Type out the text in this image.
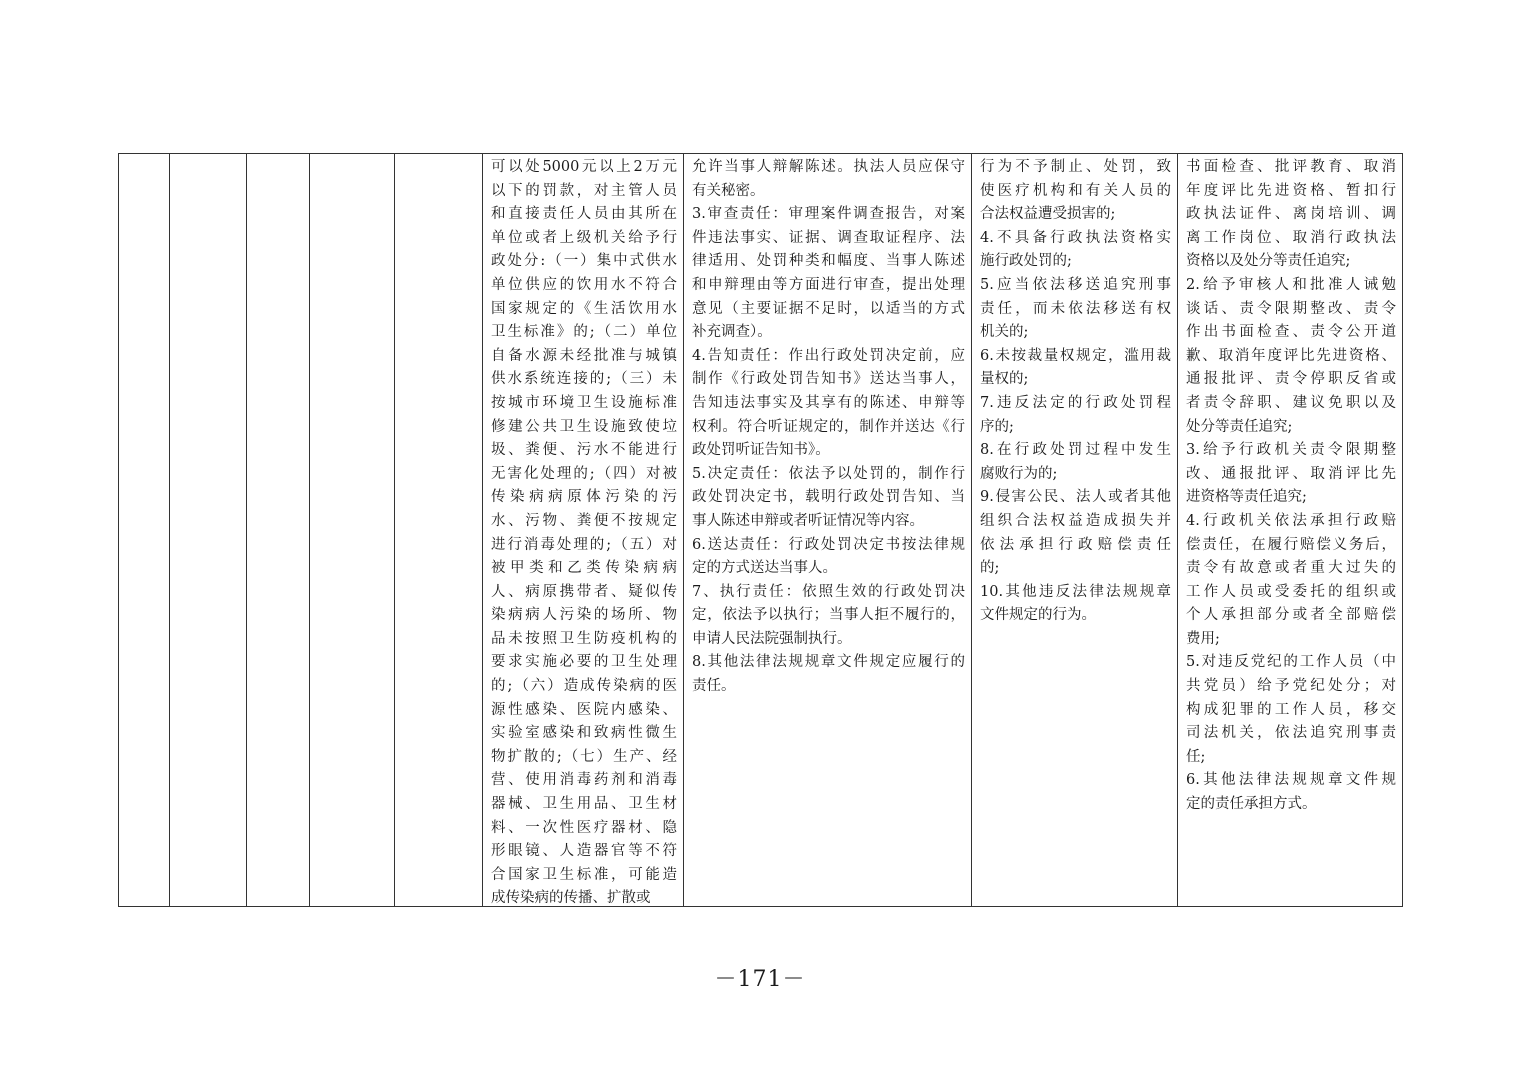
可以处5000元以上2万元
以下的罚款，对主管人员
和直接责任人员由其所在
单位或者上级机关给予行
政处分:（一）集中式供水
单位供应的饮用水不符合
国家规定的《生活饮用水
卫生标准》的;（二）单位
自备水源未经批准与城镇
供水系统连接的;（三）未
按城市环境卫生设施标准
修建公共卫生设施致使垃
圾、粪便、污水不能进行
无害化处理的;（四）对被
传染病病原体污染的污
水、污物、粪便不按规定
进行消毒处理的;（五）对
被甲类和乙类传染病病
人、病原携带者、疑似传
染病病人污染的场所、物
品未按照卫生防疫机构的
要求实施必要的卫生处理
的;（六）造成传染病的医
源性感染、医院内感染、
实验室感染和致病性微生
物扩散的;（七）生产、经
营、使用消毒药剂和消毒
器械、卫生用品、卫生材
料、一次性医疗器材、隐
形眼镜、人造器官等不符
合国家卫生标准，可能造
成传染病的传播、扩散或

允许当事人辩解陈述。执法人员应保守
有关秘密。
3.审查责任：审理案件调查报告，对案
件违法事实、证据、调查取证程序、法
律适用、处罚种类和幅度、当事人陈述
和申辩理由等方面进行审查，提出处理
意见（主要证据不足时，以适当的方式
补充调查）。
4.告知责任：作出行政处罚决定前，应
制作《行政处罚告知书》送达当事人，
告知违法事实及其享有的陈述、申辩等
权利。符合听证规定的，制作并送达《行
政处罚听证告知书》。
5.决定责任：依法予以处罚的，制作行
政处罚决定书，载明行政处罚告知、当
事人陈述申辩或者听证情况等内容。
6.送达责任：行政处罚决定书按法律规
定的方式送达当事人。
7、执行责任：依照生效的行政处罚决
定，依法予以执行；当事人拒不履行的，
申请人民法院强制执行。
8.其他法律法规规章文件规定应履行的
责任。

行为不予制止、处罚，致
使医疗机构和有关人员的
合法权益遭受损害的;
4.不具备行政执法资格实
施行政处罚的;
5.应当依法移送追究刑事
责任，而未依法移送有权
机关的;
6.未按裁量权规定，滥用裁
量权的;
7.违反法定的行政处罚程
序的;
8.在行政处罚过程中发生
腐败行为的;
9.侵害公民、法人或者其他
组织合法权益造成损失并
依法承担行政赔偿责任
的;
10.其他违反法律法规规章
文件规定的行为。

书面检查、批评教育、取消
年度评比先进资格、暂扣行
政执法证件、离岗培训、调
离工作岗位、取消行政执法
资格以及处分等责任追究;
2.给予审核人和批准人诫勉
谈话、责令限期整改、责令
作出书面检查、责令公开道
歉、取消年度评比先进资格、
通报批评、责令停职反省或
者责令辞职、建议免职以及
处分等责任追究;
3.给予行政机关责令限期整
改、通报批评、取消评比先
进资格等责任追究;
4.行政机关依法承担行政赔
偿责任，在履行赔偿义务后，
责令有故意或者重大过失的
工作人员或受委托的组织或
个人承担部分或者全部赔偿
费用;
5.对违反党纪的工作人员（中
共党员）给予党纪处分；对
构成犯罪的工作人员，移交
司法机关，依法追究刑事责
任;
6.其他法律法规规章文件规
定的责任承担方式。
－171－
